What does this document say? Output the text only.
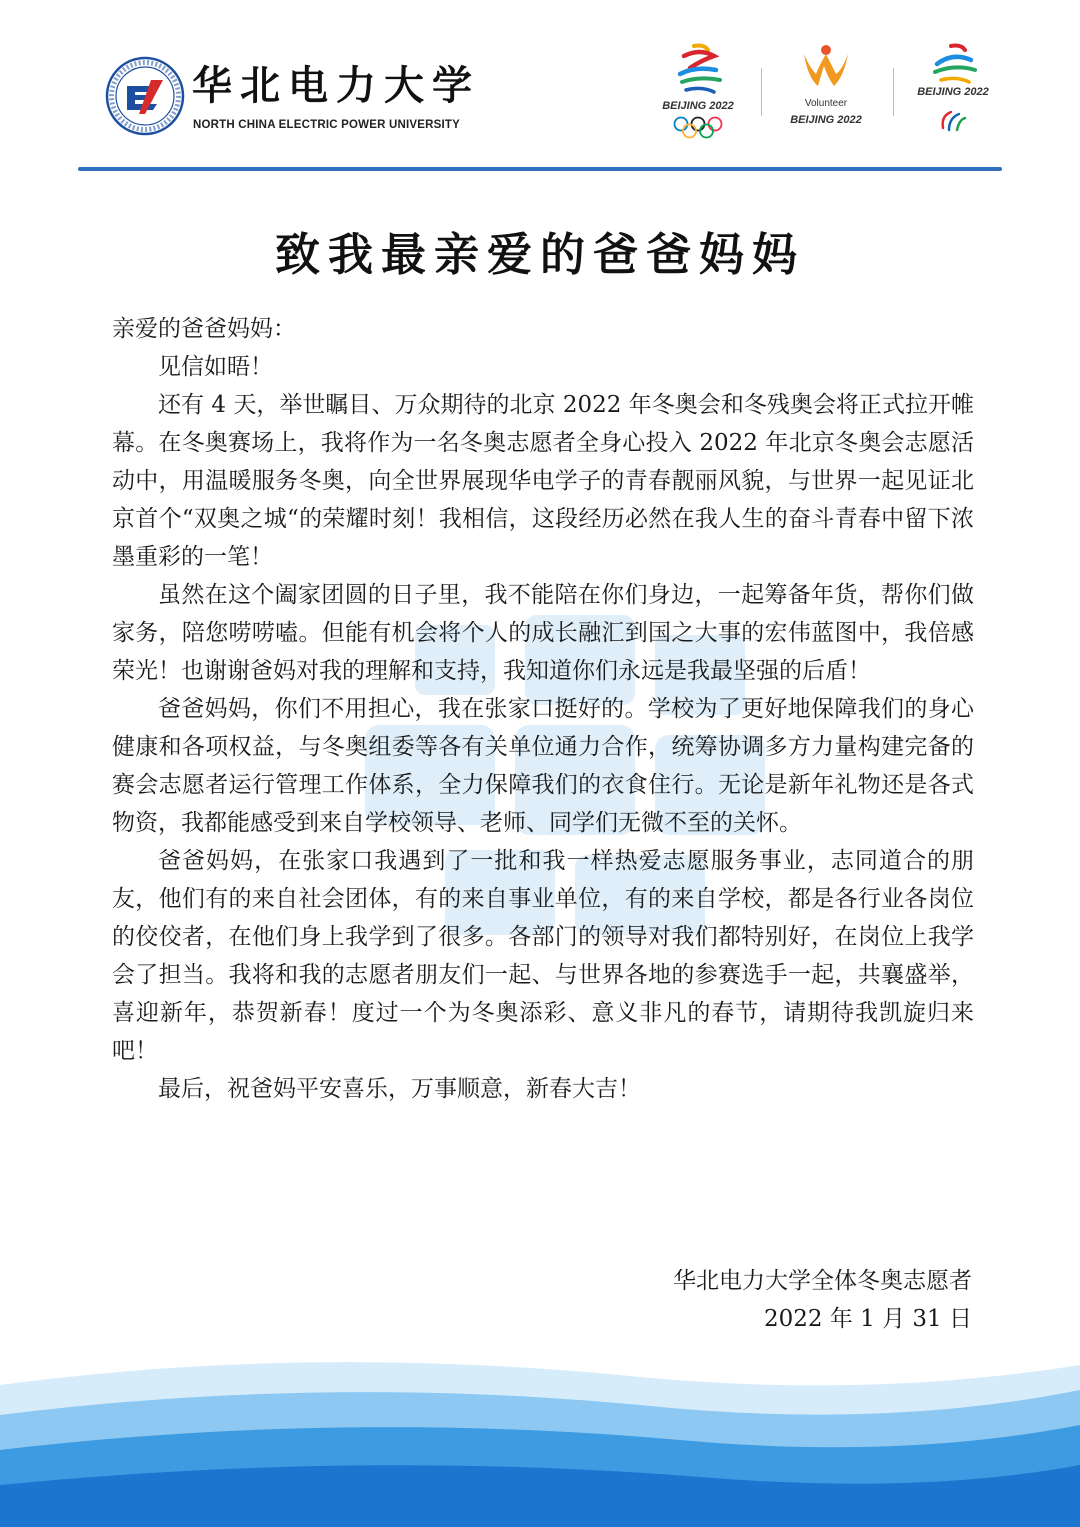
华北电力大学
NORTH CHINA ELECTRIC POWER UNIVERSITY
BEIJING 2022	Volunteer
BEIJING 2022
BEIJING 2022
致我最亲爱的爸爸妈妈

亲爱的爸爸妈妈：

见信如晤！

还有 4 天，举世瞩目、万众期待的北京 2022 年冬奥会和冬残奥会将正式拉开帷幕。在冬奥赛场上，我将作为一名冬奥志愿者全身心投入 2022 年北京冬奥会志愿活动中，用温暖服务冬奥，向全世界展现华电学子的青春靓丽风貌，与世界一起见证北京首个“双奥之城“的荣耀时刻！我相信，这段经历必然在我人生的奋斗青春中留下浓墨重彩的一笔！

虽然在这个阖家团圆的日子里，我不能陪在你们身边，一起筹备年货，帮你们做家务，陪您唠唠嗑。但能有机会将个人的成长融汇到国之大事的宏伟蓝图中，我倍感荣光！也谢谢爸妈对我的理解和支持，我知道你们永远是我最坚强的后盾！

爸爸妈妈，你们不用担心，我在张家口挺好的。学校为了更好地保障我们的身心健康和各项权益，与冬奥组委等各有关单位通力合作，统筹协调多方力量构建完备的赛会志愿者运行管理工作体系，全力保障我们的衣食住行。无论是新年礼物还是各式物资，我都能感受到来自学校领导、老师、同学们无微不至的关怀。

爸爸妈妈，在张家口我遇到了一批和我一样热爱志愿服务事业，志同道合的朋友，他们有的来自社会团体，有的来自事业单位，有的来自学校，都是各行业各岗位的佼佼者，在他们身上我学到了很多。各部门的领导对我们都特别好，在岗位上我学会了担当。我将和我的志愿者朋友们一起、与世界各地的参赛选手一起，共襄盛举，喜迎新年，恭贺新春！度过一个为冬奥添彩、意义非凡的春节，请期待我凯旋归来吧！

最后，祝爸妈平安喜乐，万事顺意，新春大吉！

华北电力大学全体冬奥志愿者
2022 年 1 月 31 日
